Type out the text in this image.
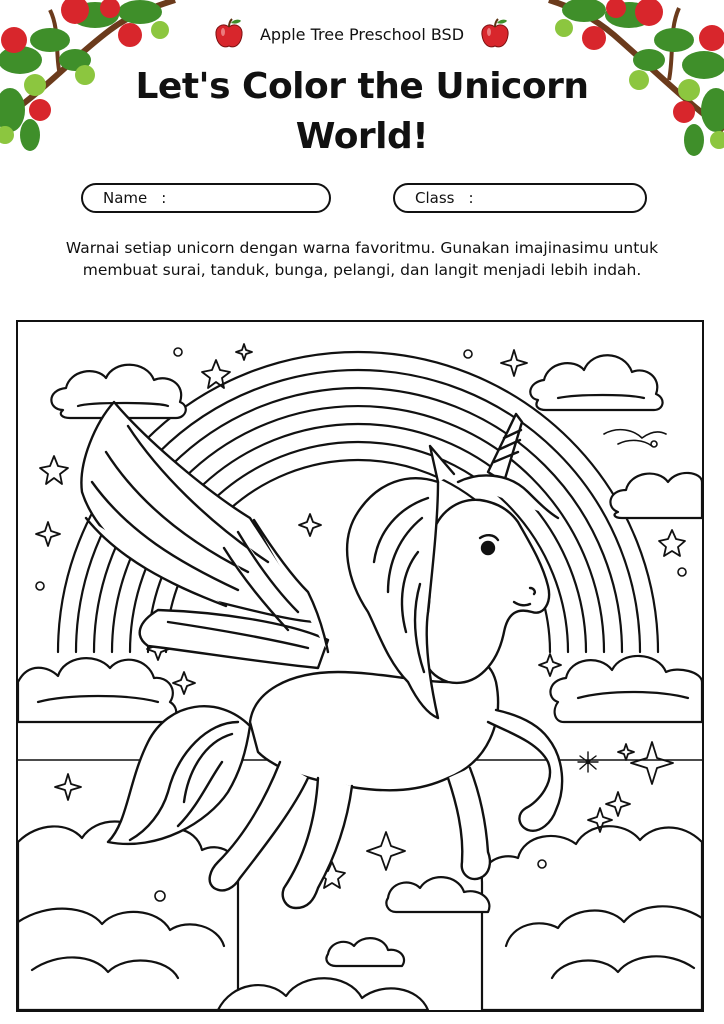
Apple Tree Preschool BSD
Let's Color the Unicorn
World!
Name :	Class :
Warnai setiap unicorn dengan warna favoritmu. Gunakan imajinasimu untuk
membuat surai, tanduk, bunga, pelangi, dan langit menjadi lebih indah.
